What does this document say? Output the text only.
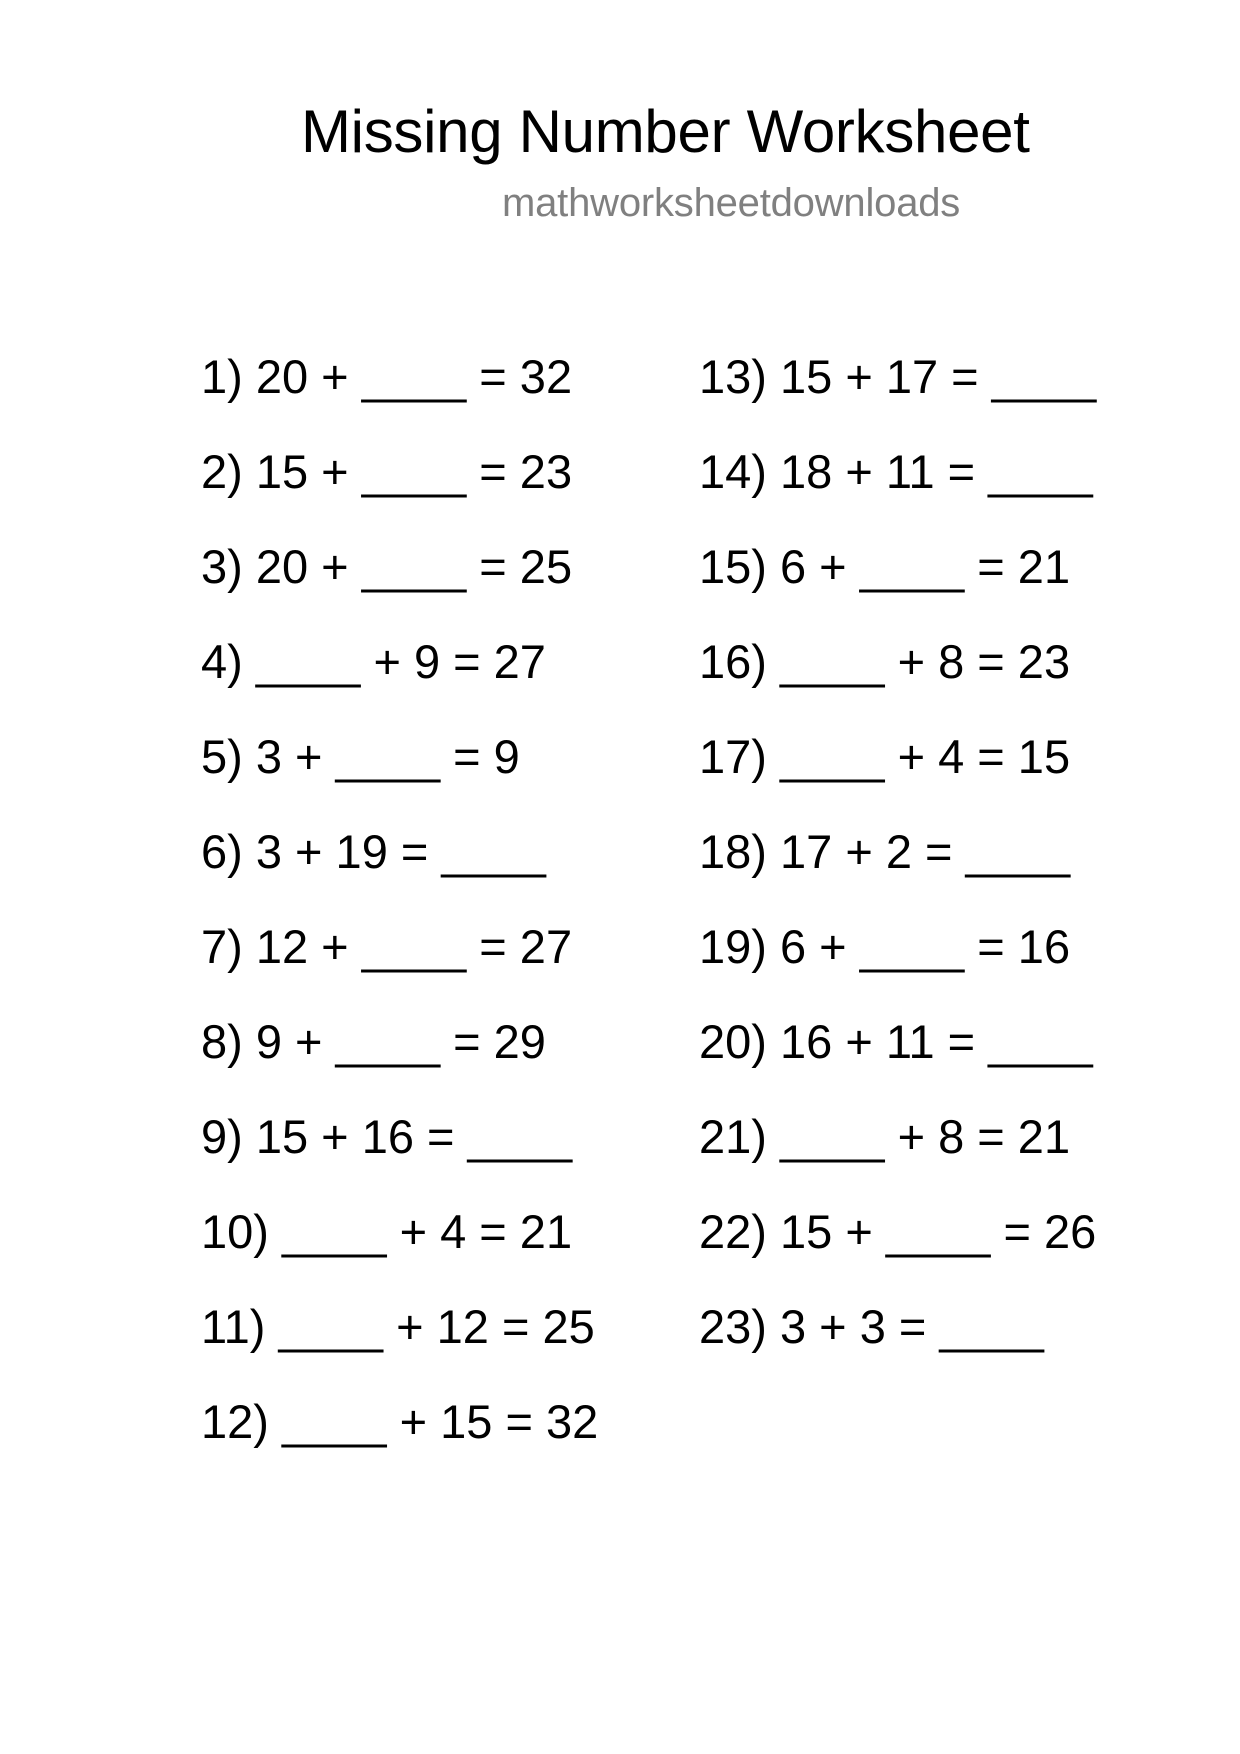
Missing Number Worksheet
mathworksheetdownloads
1) 20 + ____ = 32
2) 15 + ____ = 23
3) 20 + ____ = 25
4) ____ + 9 = 27
5) 3 + ____ = 9
6) 3 + 19 = ____
7) 12 + ____ = 27
8) 9 + ____ = 29
9) 15 + 16 = ____
10) ____ + 4 = 21
11) ____ + 12 = 25
12) ____ + 15 = 32
13) 15 + 17 = ____
14) 18 + 11 = ____
15) 6 + ____ = 21
16) ____ + 8 = 23
17) ____ + 4 = 15
18) 17 + 2 = ____
19) 6 + ____ = 16
20) 16 + 11 = ____
21) ____ + 8 = 21
22) 15 + ____ = 26
23) 3 + 3 = ____
